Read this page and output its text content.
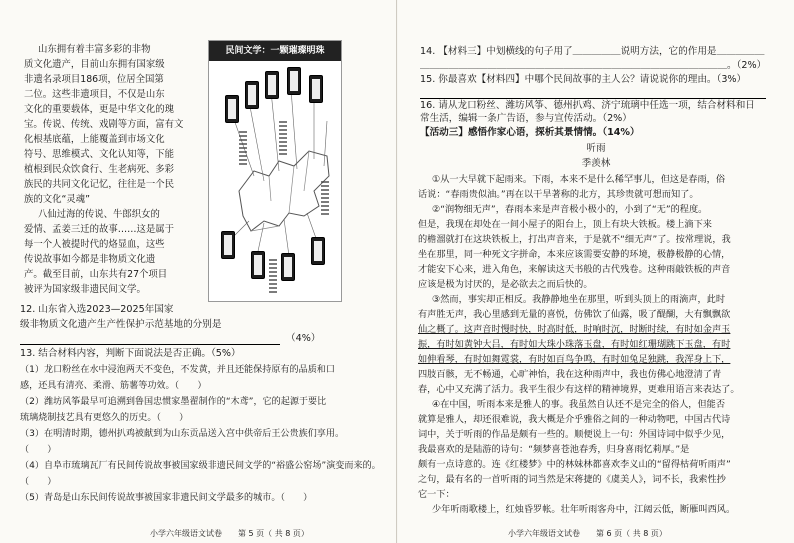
山东拥有着丰富多彩的非物
质文化遗产，目前山东拥有国家级
非遗名录项目186项，位居全国第
二位。这些非遗项目，不仅是山东
文化的重要载体，更是中华文化的瑰
宝。传说、传统、戏剧等方面，富有文
化根基底蕴，上能覆盖到市场文化
符号、思维模式、文化认知等，下能
植根到民众饮食行、生老病死、多彩
族民的共同文化记忆，往往是一个民
族的文化“灵魂”
八仙过海的传说、牛郎织女的
爱情、孟姜三迁的故事……这是属于
每一个人被提时代的烙显血，这些
传说故事如今都是非物质文化遗
产。截至目前，山东共有27个项目
被评为国家级非遗民间文学。
民间文学：一颗璀璨明珠
12. 山东省入选2023—2025年国家
级非物质文化遗产生产性保护示范基地的分别是
（4%）
13. 结合材料内容，判断下面说法是否正确。（5%）
（1）龙口粉丝在水中浸泡两天不变色，不发黄，并且还能保持原有的品质和口
感，还具有清亮、柔滑、筋薯等功效。（　　）
（2）潍坊风筝最早可追溯到鲁国忠惯家墨翟制作的“木鸢”，它的起源于要比
琉璃烧制技艺具有更悠久的历史。（　　）
（3）在明清时期，德州扒鸡被献到为山东贡品送入宫中供帝后王公贵族们享用。
（　　）
（4）自阜市琉璃瓦厂有民间传说故事被国家级非遗民间文学的“裕盛公窑场”演变而来的。
（　　）
（5）青岛是山东民间传说故事被国家非遗民间文学最多的城市。（　　）
小学六年级语文试卷　　第 5 页（ 共 8 页）
14. 【材料三】中划横线的句子用了＿＿＿＿＿说明方法，它的作用是＿＿＿＿＿
＿＿＿＿＿＿＿＿＿＿＿＿＿＿＿＿＿＿＿＿＿＿＿＿＿＿＿＿＿＿＿＿。（2%）
15. 你最喜欢【材料四】中哪个民间故事的主人公？请说说你的理由。（3%）
16. 请从龙口粉丝、潍坊风筝、德州扒鸡、济宁琉璃中任选一项，结合材料和日
常生活，编辑一条广告语，参与宣传活动。（2%）
【活动三】感悟作家心语，探析其景情情。（14%）
听雨
季羡林
①从一大早就下起雨来。下雨，本来不是什么稀罕事儿，但这是春雨，俗
话说：“春雨贵似油。”再在以干旱著称的北方，其珍贵就可想而知了。
②“润物细无声”，春雨本来是声音极小极小的，小到了“无”的程度。
但是，我现在却处在一间小屋子的阳台上，顶上有块大铁板。楼上滴下来
的檐溜就打在这块铁板上，打出声音来，于是就不“细无声”了。按常理说，我
坐在那里，同一种死文字拼命，本来应该需要安静的环境，极静极静的心情，
才能安下心来，进入角色，来解读这天书般的古代残卷。这种雨敲铁板的声音
应该是极为讨厌的，是必欲去之而后快的。
③然而，事实却正相反。我静静地坐在那里，听到头顶上的雨滴声，此时
有声胜无声，我心里感到无量的喜悦，仿佛饮了仙露，吸了醍醐，大有飘飘欲
仙之概了。这声音时慢时快，时高时低，时响时沉，时断时续，有时如金声玉
振，有时如黄钟大吕，有时如大珠小珠落玉盘，有时如红珊瑚跳下玉盘，有时
如伸看琴，有时如舞霓裳，有时如百鸟争鸣，有时如兔足独跳，我浑身上下，
四肢百骸，无不畅通，心旷神怡，我在这种雨声中，我也仿佛心地澄清了青
春，心中又充满了活力。我平生很少有这样的精神境界，更难用语言来表达了。
④在中国，听雨本来是雅人的事。我虽然自认还不是完全的俗人，但能否
就算是雅人，却还很难说，我大概是介乎雅俗之间的一种动物吧，中国古代诗
词中，关于听雨的作品是颇有一些的。顺便说上一句：外国诗词中似乎少见，
我最喜欢的是陆游的诗句：“频梦喜苍池春秀，归身喜雨忆莉厚。”是
颇有一点诗意的。连《红楼梦》中的林妹林都喜欢李义山的“留得枯荷听雨声”
之句，最有名的一首听雨的词当然是宋蒋捷的《虞美人》，词不长，我索性抄
它一下：
少年听雨歌楼上，红烛昏罗帐。壮年听雨客舟中，江阔云低，断雁叫西风。
小学六年级语文试卷　　第 6 页（ 共 8 页）
